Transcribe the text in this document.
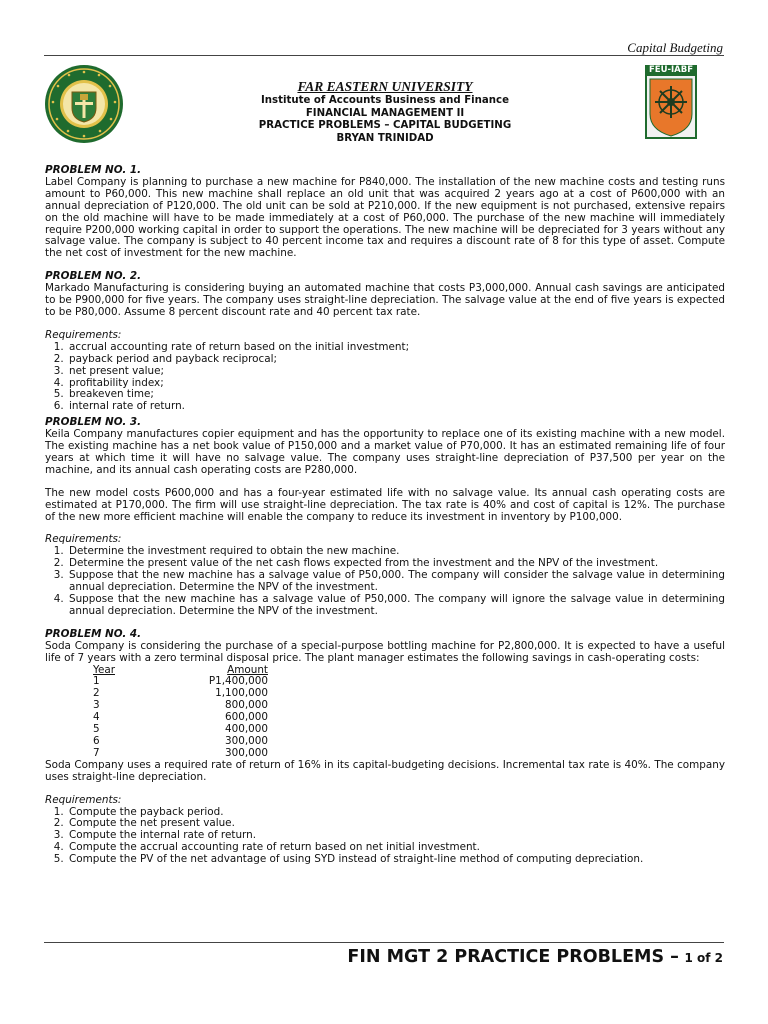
Capital Budgeting
FEU-IABF
FAR EASTERN UNIVERSITY
Institute of Accounts Business and Finance
FINANCIAL MANAGEMENT II
PRACTICE PROBLEMS – CAPITAL BUDGETING
BRYAN TRINIDAD
PROBLEM NO. 1.

Label Company is planning to purchase a new machine for P840,000. The installation of the new machine costs and testing runs amount to P60,000. This new machine shall replace an old unit that was acquired 2 years ago at a cost of P600,000 with an annual depreciation of P120,000. The old unit can be sold at P210,000. If the new equipment is not purchased, extensive repairs on the old machine will have to be made immediately at a cost of P60,000. The purchase of the new machine will immediately require P200,000 working capital in order to support the operations. The new machine will be depreciated for 3 years without any salvage value. The company is subject to 40 percent income tax and requires a discount rate of 8 for this type of asset. Compute the net cost of investment for the new machine.

PROBLEM NO. 2.

Markado Manufacturing is considering buying an automated machine that costs P3,000,000. Annual cash savings are anticipated to be P900,000 for five years. The company uses straight-line depreciation. The salvage value at the end of five years is expected to be P80,000. Assume 8 percent discount rate and 40 percent tax rate.

Requirements:
1. accrual accounting rate of return based on the initial investment;
2. payback period and payback reciprocal;
3. net present value;
4. profitability index;
5. breakeven time;
6. internal rate of return.
PROBLEM NO. 3.

Keila Company manufactures copier equipment and has the opportunity to replace one of its existing machine with a new model. The existing machine has a net book value of P150,000 and a market value of P70,000. It has an estimated remaining life of four years at which time it will have no salvage value. The company uses straight-line depreciation of P37,500 per year on the machine, and its annual cash operating costs are P280,000.

The new model costs P600,000 and has a four-year estimated life with no salvage value. Its annual cash operating costs are estimated at P170,000. The firm will use straight-line depreciation. The tax rate is 40% and cost of capital is 12%. The purchase of the new more efficient machine will enable the company to reduce its investment in inventory by P100,000.

Requirements:
1. Determine the investment required to obtain the new machine.
2. Determine the present value of the net cash flows expected from the investment and the NPV of the investment.
3. Suppose that the new machine has a salvage value of P50,000. The company will consider the salvage value in determining annual depreciation. Determine the NPV of the investment.
4. Suppose that the new machine has a salvage value of P50,000. The company will ignore the salvage value in determining annual depreciation. Determine the NPV of the investment.
PROBLEM NO. 4.

Soda Company is considering the purchase of a special-purpose bottling machine for P2,800,000. It is expected to have a useful life of 7 years with a zero terminal disposal price. The plant manager estimates the following savings in cash-operating costs:

Year	Amount
1	P1,400,000
2	1,100,000
3	800,000
4	600,000
5	400,000
6	300,000
7	300,000

Soda Company uses a required rate of return of 16% in its capital-budgeting decisions. Incremental tax rate is 40%. The company uses straight-line depreciation.

Requirements:
1. Compute the payback period.
2. Compute the net present value.
3. Compute the internal rate of return.
4. Compute the accrual accounting rate of return based on net initial investment.
5. Compute the PV of the net advantage of using SYD instead of straight-line method of computing depreciation.
FIN MGT 2 PRACTICE PROBLEMS – 1 of 2
